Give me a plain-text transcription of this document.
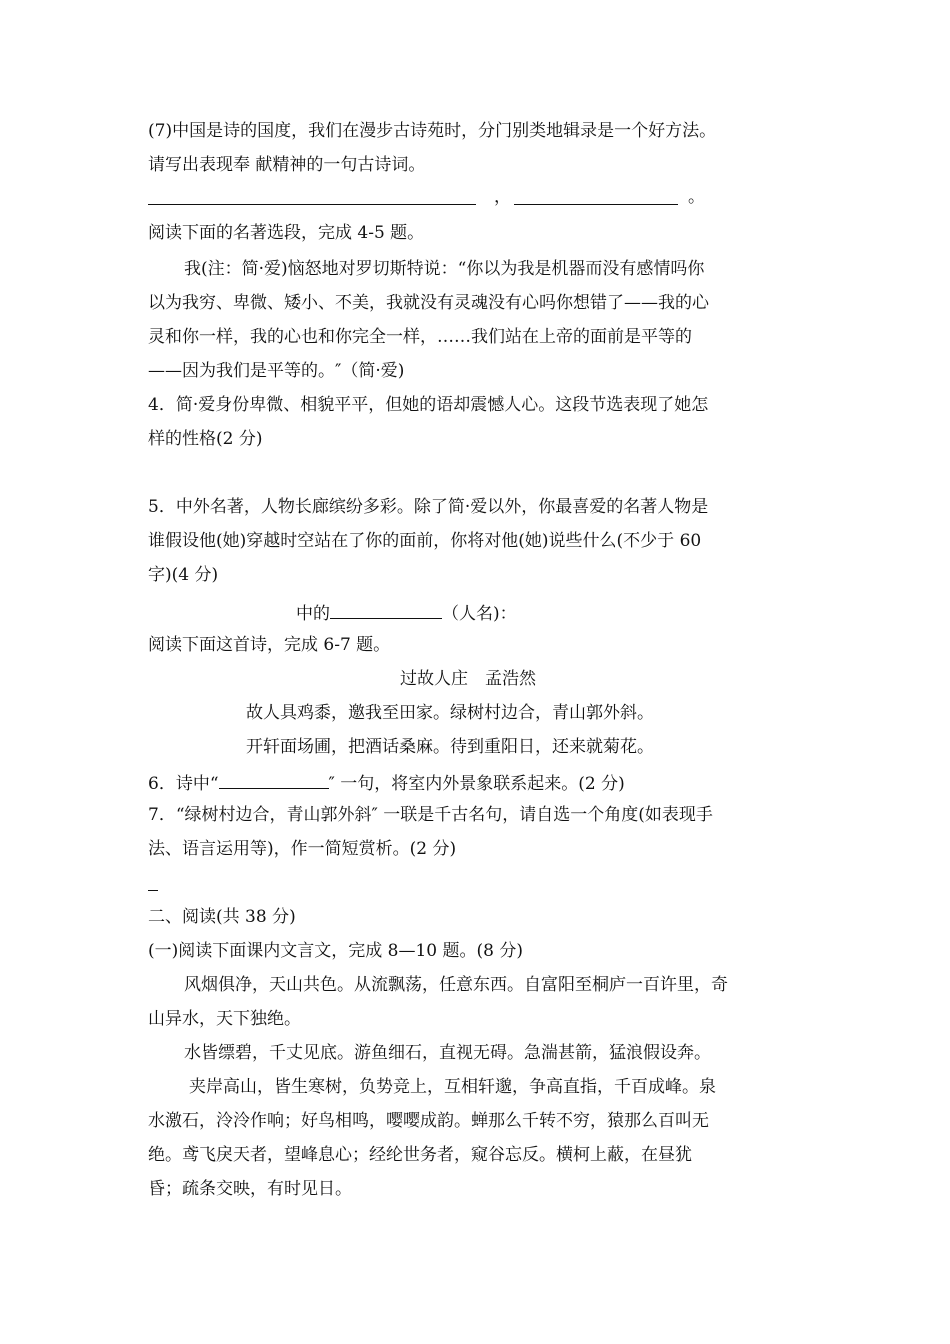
(7)中国是诗的国度，我们在漫步古诗苑时，分门别类地辑录是一个好方法。
请写出表现奉 献精神的一句古诗词。
，	。
阅读下面的名著选段，完成 4-5 题。
我(注：简·爱)恼怒地对罗切斯特说：“你以为我是机器而没有感情吗你
以为我穷、卑微、矮小、不美，我就没有灵魂没有心吗你想错了——我的心
灵和你一样，我的心也和你完全一样，……我们站在上帝的面前是平等的
——因为我们是平等的。″（简·爱)
4．简·爱身份卑微、相貌平平，但她的语却震憾人心。这段节选表现了她怎
样的性格(2 分)
5．中外名著，人物长廊缤纷多彩。除了简·爱以外，你最喜爱的名著人物是
谁假设他(她)穿越时空站在了你的面前，你将对他(她)说些什么(不少于 60
字)(4 分)
中的	（人名)：
阅读下面这首诗，完成 6-7 题。
过故人庄　孟浩然
故人具鸡黍，邀我至田家。绿树村边合，青山郭外斜。
开轩面场圃，把酒话桑麻。待到重阳日，还来就菊花。
6．诗中“	″ 一句，将室内外景象联系起来。(2 分)
7．“绿树村边合，青山郭外斜″ 一联是千古名句，请自选一个角度(如表现手
法、语言运用等)，作一简短赏析。(2 分)
二、阅读(共 38 分)
(一)阅读下面课内文言文，完成 8—10 题。(8 分)
风烟俱净，天山共色。从流飘荡，任意东西。自富阳至桐庐一百许里，奇
山异水，天下独绝。
水皆缥碧，千丈见底。游鱼细石，直视无碍。急湍甚箭，猛浪假设奔。
夹岸高山，皆生寒树，负势竞上，互相轩邈，争高直指，千百成峰。泉
水激石，泠泠作响；好鸟相鸣，嘤嘤成韵。蝉那么千转不穷，猿那么百叫无
绝。鸢飞戾天者，望峰息心；经纶世务者，窥谷忘反。横柯上蔽，在昼犹
昏；疏条交映，有时见日。
